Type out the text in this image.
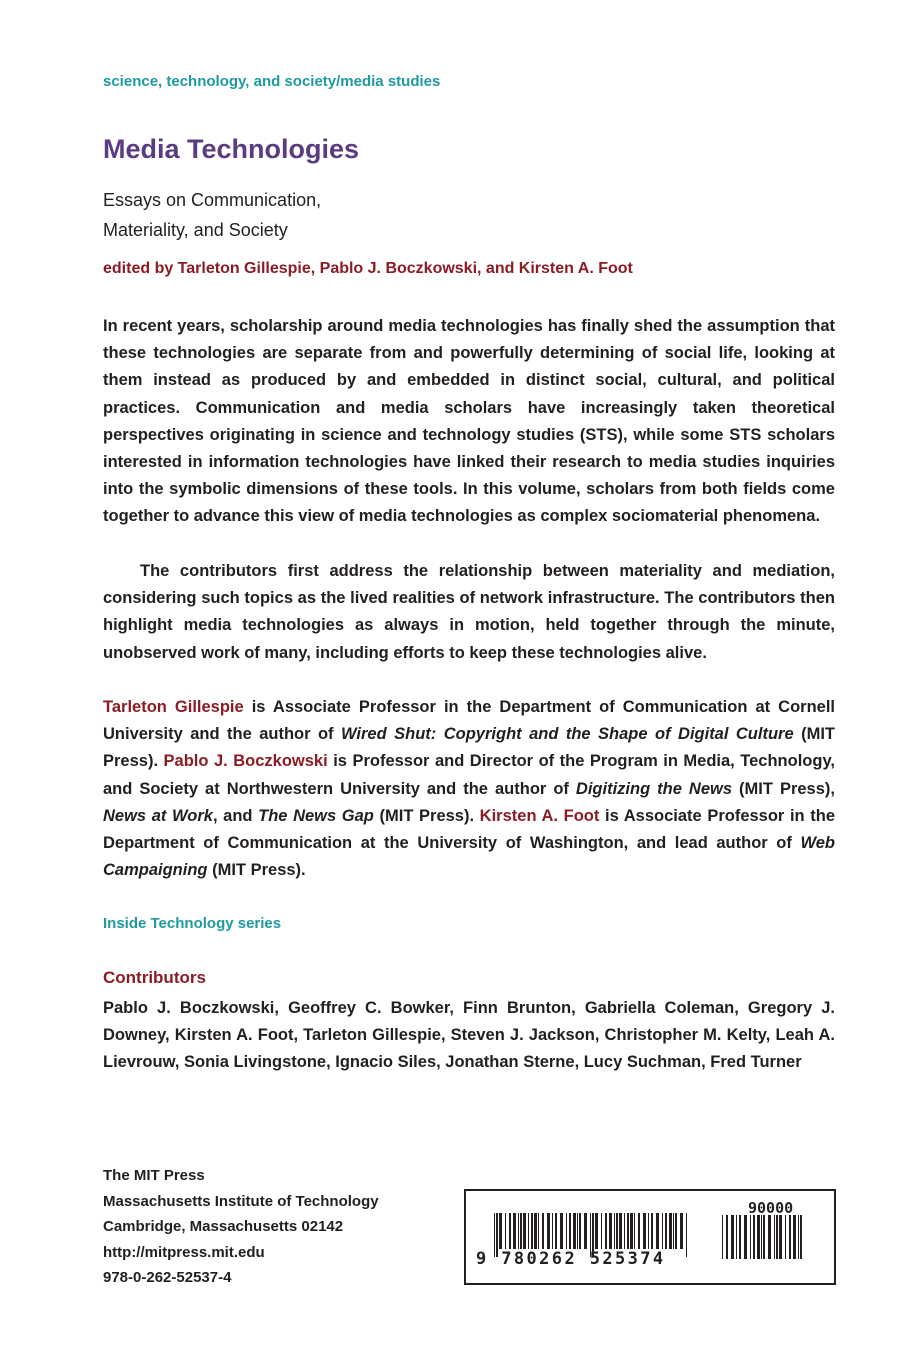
science, technology, and society/media studies
Media Technologies
Essays on Communication,
Materiality, and Society
edited by Tarleton Gillespie, Pablo J. Boczkowski, and Kirsten A. Foot
In recent years, scholarship around media technologies has finally shed the assumption that these technologies are separate from and powerfully determining of social life, looking at them instead as produced by and embedded in distinct social, cultural, and political practices. Communication and media scholars have increasingly taken theoretical perspectives originating in science and technology studies (STS), while some STS scholars interested in information technologies have linked their research to media studies inquiries into the symbolic dimensions of these tools. In this volume, scholars from both fields come together to advance this view of media technologies as complex sociomaterial phenomena.
The contributors first address the relationship between materiality and mediation, considering such topics as the lived realities of network infrastructure. The contributors then highlight media technologies as always in motion, held together through the minute, unobserved work of many, including efforts to keep these technologies alive.
Tarleton Gillespie is Associate Professor in the Department of Communication at Cornell University and the author of Wired Shut: Copyright and the Shape of Digital Culture (MIT Press). Pablo J. Boczkowski is Professor and Director of the Program in Media, Technology, and Society at Northwestern University and the author of Digitizing the News (MIT Press), News at Work, and The News Gap (MIT Press). Kirsten A. Foot is Associate Professor in the Department of Communication at the University of Washington, and lead author of Web Campaigning (MIT Press).
Inside Technology series
Contributors
Pablo J. Boczkowski, Geoffrey C. Bowker, Finn Brunton, Gabriella Coleman, Gregory J. Downey, Kirsten A. Foot, Tarleton Gillespie, Steven J. Jackson, Christopher M. Kelty, Leah A. Lievrouw, Sonia Livingstone, Ignacio Siles, Jonathan Sterne, Lucy Suchman, Fred Turner
The MIT Press
Massachusetts Institute of Technology
Cambridge, Massachusetts 02142
http://mitpress.mit.edu
978-0-262-52537-4
9 780262 525374
90000
